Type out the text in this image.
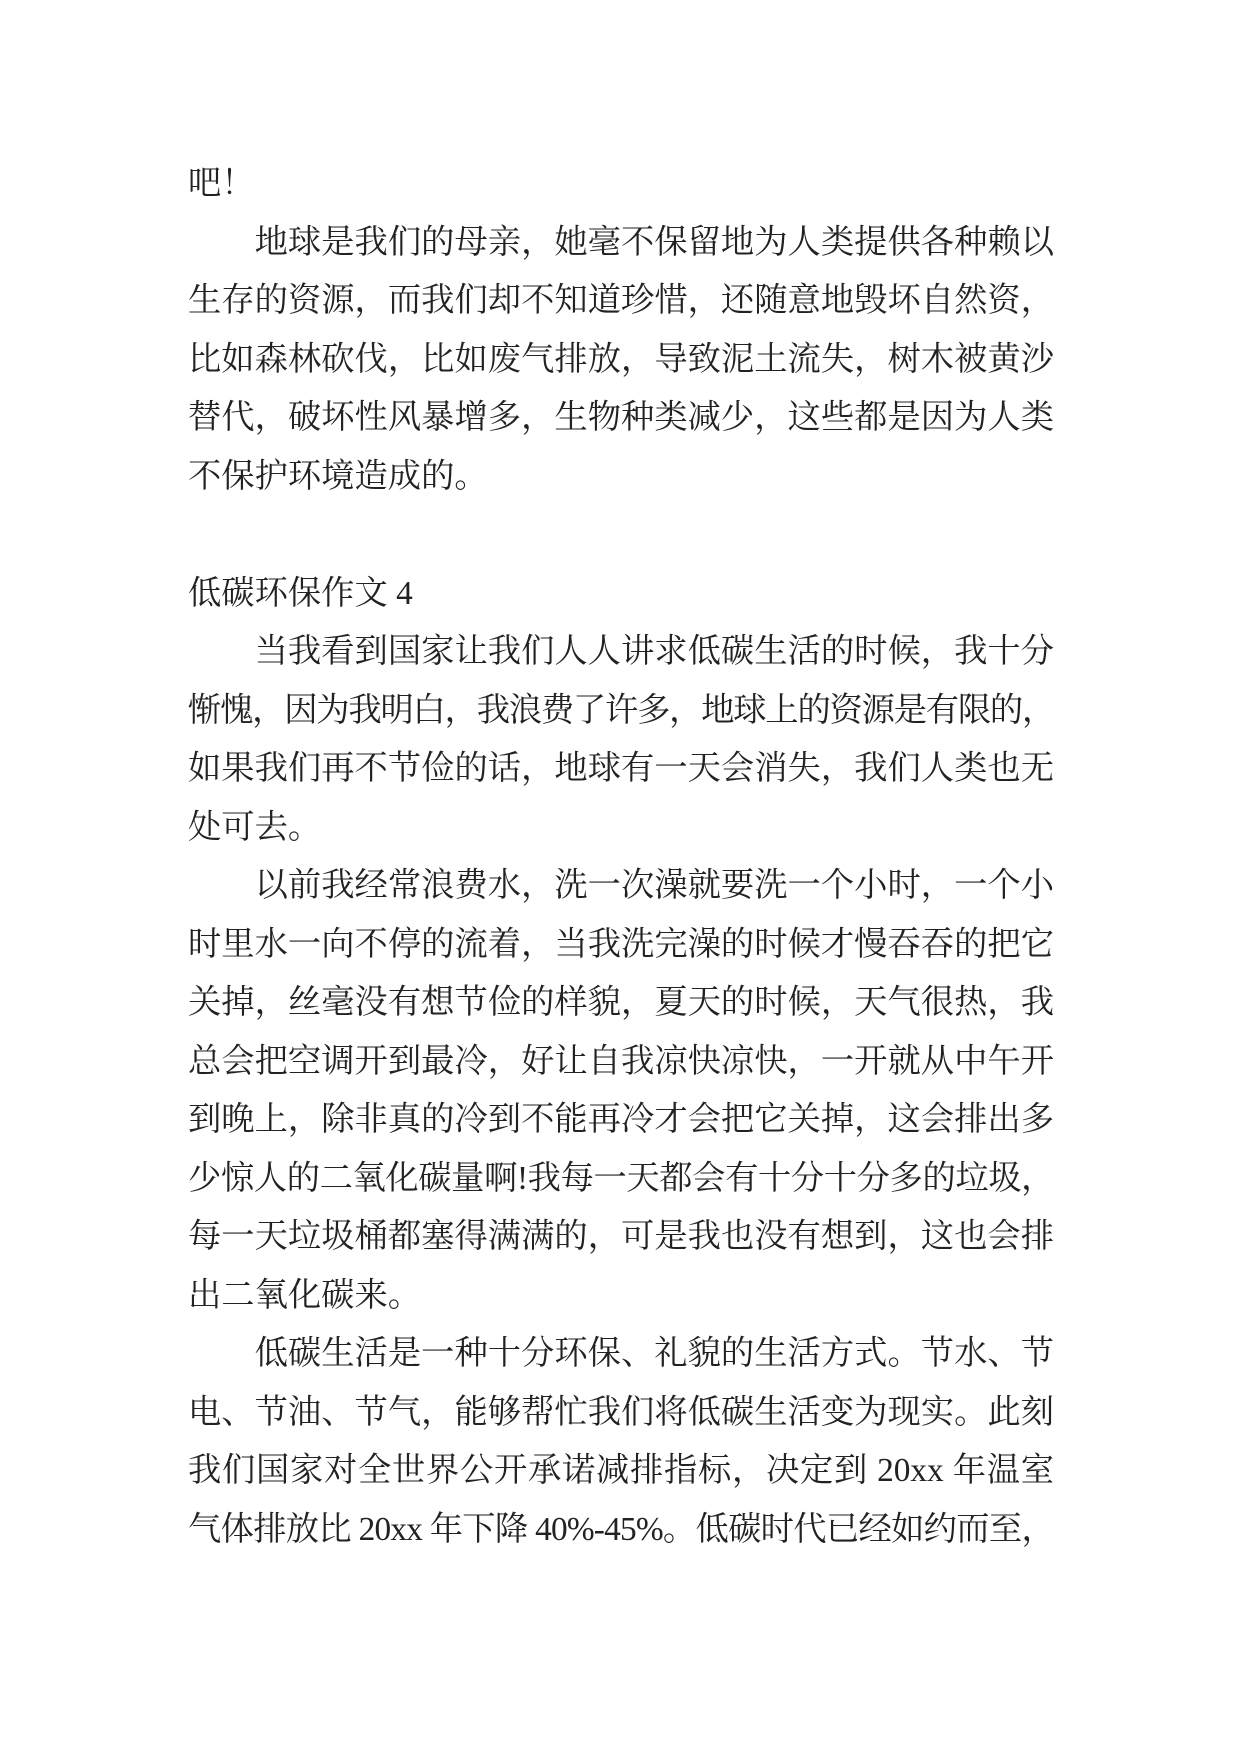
吧！
地球是我们的母亲，她毫不保留地为人类提供各种赖以
生存的资源，而我们却不知道珍惜，还随意地毁坏自然资，
比如森林砍伐，比如废气排放，导致泥土流失，树木被黄沙
替代，破坏性风暴增多，生物种类减少，这些都是因为人类
不保护环境造成的。
低碳环保作文 4
当我看到国家让我们人人讲求低碳生活的时候，我十分
惭愧，因为我明白，我浪费了许多，地球上的资源是有限的，
如果我们再不节俭的话，地球有一天会消失，我们人类也无
处可去。
以前我经常浪费水，洗一次澡就要洗一个小时，一个小
时里水一向不停的流着，当我洗完澡的时候才慢吞吞的把它
关掉，丝毫没有想节俭的样貌，夏天的时候，天气很热，我
总会把空调开到最冷，好让自我凉快凉快，一开就从中午开
到晚上，除非真的冷到不能再冷才会把它关掉，这会排出多
少惊人的二氧化碳量啊!我每一天都会有十分十分多的垃圾，
每一天垃圾桶都塞得满满的，可是我也没有想到，这也会排
出二氧化碳来。
低碳生活是一种十分环保、礼貌的生活方式。节水、节
电、节油、节气，能够帮忙我们将低碳生活变为现实。此刻
我们国家对全世界公开承诺减排指标，决定到 20xx 年温室
气体排放比 20xx 年下降 40%-45%。低碳时代已经如约而至，
